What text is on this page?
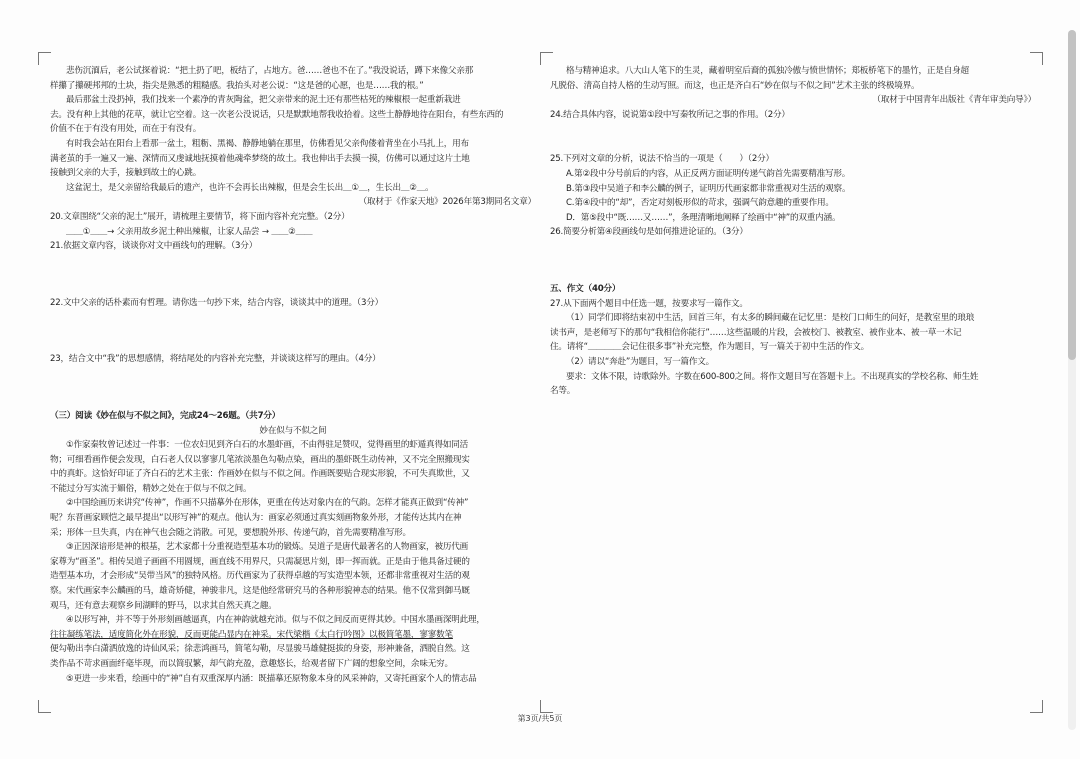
悲伤沉湎后，老公试探着说：“把土扔了吧，板结了，占地方。爸……爸也不在了。”我没说话，蹲下来像父亲那

样攥了攥硬邦邦的土块，指尖是熟悉的粗糙感。我抬头对老公说：“这是爸的心愿，也是……我的根。”

最后那盆土没扔掉，我们找来一个素净的青灰陶盆，把父亲带来的泥土还有那些枯死的辣椒根一起重新栽进

去。没有种上其他的花草，就让它空着。这一次老公没说话，只是默默地帮我收拾着。这些土静静地待在阳台，有些东西的

价值不在于有没有用处，而在于有没有。

有时我会站在阳台上看那一盆土，粗粝、黑褐、静静地躺在那里，仿佛看见父亲佝偻着背坐在小马扎上，用布

满老茧的手一遍又一遍、深情而又虔诚地抚摸着他魂牵梦绕的故土。我也伸出手去摸一摸，仿佛可以通过这片土地

接触到父亲的大手，接触到故土的心跳。

这盆泥土，是父亲留给我最后的遗产，也许不会再长出辣椒，但是会生长出＿①＿，生长出＿②＿。

（取材于《作家天地》2026年第3期同名文章）

20.文章围绕“父亲的泥土”展开，请梳理主要情节，将下面内容补充完整。（2分）

＿＿①＿＿→ 父亲用故乡泥土种出辣椒，让家人品尝 → ＿＿②＿＿

21.依据文章内容，谈谈你对文中画线句的理解。（3分）

22.文中父亲的话朴素而有哲理。请你选一句抄下来，结合内容，谈谈其中的道理。（3分）

23，结合文中“我”的思想感情，将结尾处的内容补充完整，并谈谈这样写的理由。（4分）

（三）阅读《妙在似与不似之间》，完成24～26题。（共7分）

妙在似与不似之间

①作家秦牧曾记述过一件事：一位农妇见到齐白石的水墨虾画，不由得驻足赞叹，觉得画里的虾遁真得如同活

物；可细看画作便会发现，白石老人仅以寥寥几笔浓淡墨色勾勒点染，画出的墨虾既生动传神，又不完全照搬现实

中的真虾。这恰好印证了齐白石的艺术主张：作画妙在似与不似之间。作画既要贴合现实形貌，不可失真欺世，又

不能过分写实流于媚俗，精妙之处在于似与不似之间。

②中国绘画历来讲究“传神”，作画不只描摹外在形体，更重在传达对象内在的气韵。怎样才能真正做到“传神”

呢？东晋画家顾恺之最早提出“以形写神”的观点。他认为：画家必须通过真实刻画物象外形，才能传达其内在神

采；形体一旦失真，内在神气也会随之消散。可见，要想脱外形、传递气韵，首先需要精准写形。

③正因深谙形是神的根基，艺术家都十分重视造型基本功的锻炼。吴道子是唐代最著名的人物画家，被历代画

家尊为“画圣”。相传吴道子画画不用圆规，画直线不用界尺，只需凝思片刻，即一挥而就。正是由于他具备过硬的

造型基本功，才会形成“吴带当风”的独特风格。历代画家为了获得卓越的写实造型本领，还都非常重视对生活的观

察。宋代画家李公麟画的马，雄奇矫健，神骏非凡，这是他经常研究马的各种形貌神态的结果。他不仅常到御马厩

观马，还有意去观察乡间湖畔的野马，以求其自然天真之趣。

④以形写神，并不等于外形刻画越逼真，内在神韵就越充沛。似与不似之间反而更得其妙。中国水墨画深明此理，

往往凝练笔法，适度简化外在形貌，反而更能凸显内在神采。宋代梁楷《太白行吟图》以极简笔墨，寥寥数笔

便勾勒出李白潇洒放逸的诗仙风采；徐悲鸿画马，简笔勾勒，尽显骏马雄健挺拔的身姿，形神兼备，洒脱自然。这

类作品不苛求画面纤毫毕现，而以简驭繁，却气韵充盈，意趣悠长，给观者留下广阔的想象空间，余味无穷。

⑤更进一步来看，绘画中的“神”自有双重深厚内涵：既描摹还原物象本身的风采神韵，又寄托画家个人的情志品

格与精神追求。八大山人笔下的生灵，藏着明室后裔的孤独冷傲与愤世情怀；郑板桥笔下的墨竹，正是自身超

凡脱俗、清高自持人格的生动写照。而这，也正是齐白石“妙在似与不似之间”艺术主张的终极境界。

（取材于中国青年出版社《青年审美向导》）

24.结合具体内容，说说第①段中写秦牧所记之事的作用。（2分）

25.下列对文章的分析，说法不恰当的一项是（　　）（2分）

A.第②段中分号前后的内容，从正反两方面证明传递气韵首先需要精准写形。

B.第③段中吴道子和李公麟的例子，证明历代画家都非常重视对生活的观察。

C.第④段中的“却”，否定对刻板形似的苛求，强调气韵意趣的重要作用。

D．第⑤段中“既……又……”，条理清晰地阐释了绘画中“神”的双重内涵。

26.简要分析第④段画线句是如何推进论证的。（3分）

五、作文（40分）

27.从下面两个题目中任选一题，按要求写一篇作文。

（1）同学们即将结束初中生活，回首三年，有太多的瞬间藏在记忆里：是校门口师生的问好，是教室里的琅琅

读书声，是老师写下的那句“我相信你能行”……这些温暖的片段，会被校门、被教室、被作业本、被一草一木记

住。请将“＿＿＿＿会记住很多事”补充完整，作为题目，写一篇关于初中生活的作文。

（2）请以“奔赴”为题目，写一篇作文。

要求：文体不限，诗歌除外。字数在600-800之间。将作文题目写在答题卡上。不出现真实的学校名称、师生姓

名等。

第3页/共5页
